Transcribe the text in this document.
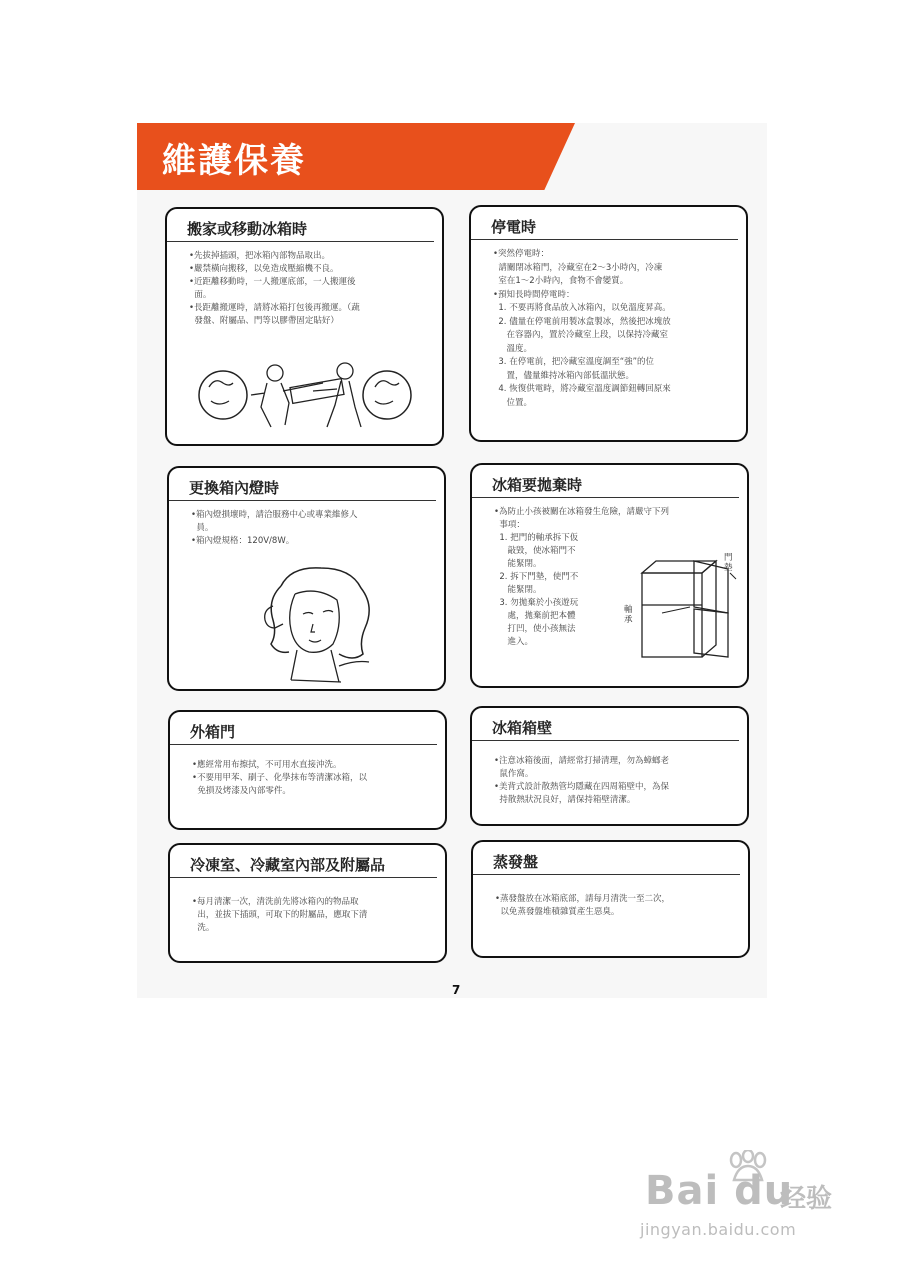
維護保養
搬家或移動冰箱時

•先拔掉插頭，把冰箱內部物品取出。

•嚴禁橫向搬移，以免造成壓縮機不良。

•近距離移動時，一人搬運底部，一人搬運後

面。

•長距離搬運時，請將冰箱打包後再搬運。（蔬

發盤、附屬品、門等以膠帶固定貼好）

停電時

•突然停電時：

請關閉冰箱門，冷藏室在2～3小時內，冷凍

室在1～2小時內，食物不會變質。

•預知長時間停電時：

1. 不要再將食品放入冰箱內，以免溫度昇高。

2. 儘量在停電前用製冰盒製冰，然後把冰塊放

在容器內，置於冷藏室上段，以保持冷藏室

溫度。

3. 在停電前，把冷藏室溫度調至“強”的位

置，儘量維持冰箱內部低溫狀態。

4. 恢復供電時，將冷藏室溫度調節鈕轉回原來

位置。

更換箱內燈時

•箱內燈損壞時，請洽服務中心或專業維修人

員。

•箱內燈規格：120V/8W。

冰箱要拋棄時

•為防止小孩被關在冰箱發生危險，請嚴守下列

事項：

1. 把門的軸承拆下仮

敲毀，使冰箱門不

能緊閉。

2. 拆下門墊，使門不

能緊閉。

3. 勿拋棄於小孩遊玩

處，拋棄前把本體

打凹，使小孩無法

進入。

門墊
軸承
外箱門

•應經常用布擦拭，不可用水直接沖洗。

•不要用甲苯、刷子、化學抹布等清潔冰箱，以

免損及烤漆及內部零件。

冰箱箱壁

•注意冰箱後面，請經常打掃清理，勿為蟑螂老

鼠作窩。

•美背式設計散熱管均隱藏在四周箱壁中，為保

持散熱狀況良好，請保持箱壁清潔。

冷凍室、冷藏室內部及附屬品

•每月清潔一次，清洗前先將冰箱內的物品取

出，並拔下插頭，可取下的附屬品，應取下清

洗。

蒸發盤

•蒸發盤放在冰箱底部，請每月清洗一至二次，

以免蒸發盤堆積雜質產生惡臭。

7
Bai du
经验
jingyan.baidu.com
